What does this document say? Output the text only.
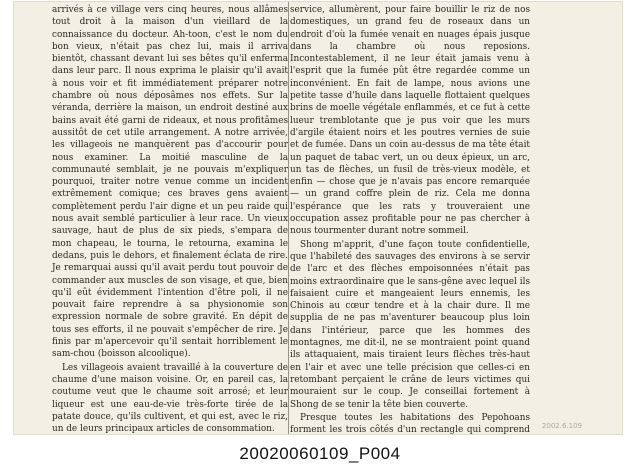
arrivés à ce village vers cinq heures, nous allâmes tout droit à la maison d'un vieillard de la connaissance du docteur. Ah-toon, c'est le nom du bon vieux, n'était pas chez lui, mais il arriva bientôt, chassant devant lui ses bêtes qu'il enferma dans leur parc. Il nous exprima le plaisir qu'il avait à nous voir et fit immédiatement préparer notre chambre où nous déposâmes nos effets. Sur la véranda, derrière la maison, un endroit destiné aux bains avait été garni de rideaux, et nous profitâmes aussitôt de cet utile arrangement. A notre arrivée, les villageois ne manquèrent pas d'accourir pour nous examiner. La moitié masculine de la communauté semblait, je ne pouvais m'expliquer pourquoi, traiter notre venue comme un incident extrêmement comique; ces braves gens avaient complètement perdu l'air digne et un peu raide qui nous avait semblé particulier à leur race. Un vieux sauvage, haut de plus de six pieds, s'empara de mon chapeau, le tourna, le retourna, examina le dedans, puis le dehors, et finalement éclata de rire. Je remarquai aussi qu'il avait perdu tout pouvoir de commander aux muscles de son visage, et que, bien qu'il eût évidemment l'intention d'être poli, il ne pouvait faire reprendre à sa physionomie son expression normale de sobre gravité. En dépit de tous ses efforts, il ne pouvait s'empêcher de rire. Je finis par m'apercevoir qu'il sentait horriblement le sam-chou (boisson alcoolique).

Les villageois avaient travaillé à la couverture de chaume d'une maison voisine. Or, en pareil cas, la coutume veut que le chaume soit arrosé; et leur liqueur est une eau-de-vie très-forte tirée de la patate douce, qu'ils cultivent, et qui est, avec le riz, un de leurs principaux articles de consommation.

service, allumèrent, pour faire bouillir le riz de nos domestiques, un grand feu de roseaux dans un endroit d'où la fumée venait en nuages épais jusque dans la chambre où nous reposions. Incontestablement, il ne leur était jamais venu à l'esprit que la fumée pût être regardée comme un inconvénient. En fait de lampe, nous avions une petite tasse d'huile dans laquelle flottaient quelques brins de moelle végétale enflammés, et ce fut à cette lueur tremblotante que je pus voir que les murs d'argile étaient noirs et les poutres vernies de suie et de fumée. Dans un coin au-dessus de ma tête était un paquet de tabac vert, un ou deux épieux, un arc, un tas de flèches, un fusil de très-vieux modèle, et enfin — chose que je n'avais pas encore remarquée — un grand coffre plein de riz. Cela me donna l'espérance que les rats y trouveraient une occupation assez profitable pour ne pas chercher à nous tourmenter durant notre sommeil.

Shong m'apprit, d'une façon toute confidentielle, que l'habileté des sauvages des environs à se servir de l'arc et des flèches empoisonnées n'était pas moins extraordinaire que le sans-gêne avec lequel ils faisaient cuire et mangeaient leurs ennemis, les Chinois au cœur tendre et à la chair dure. Il me supplia de ne pas m'aventurer beaucoup plus loin dans l'intérieur, parce que les hommes des montagnes, me dit-il, ne se montraient point quand ils attaquaient, mais tiraient leurs flèches très-haut en l'air et avec une telle précision que celles-ci en retombant perçaient le crâne de leurs victimes qui mouraient sur le coup. Je conseillai fortement à Shong de se tenir la tête bien couverte.

Presque toutes les habitations des Pepohoans forment les trois côtés d'un rectangle qui comprend 2002.6.109
20020060109_P004
